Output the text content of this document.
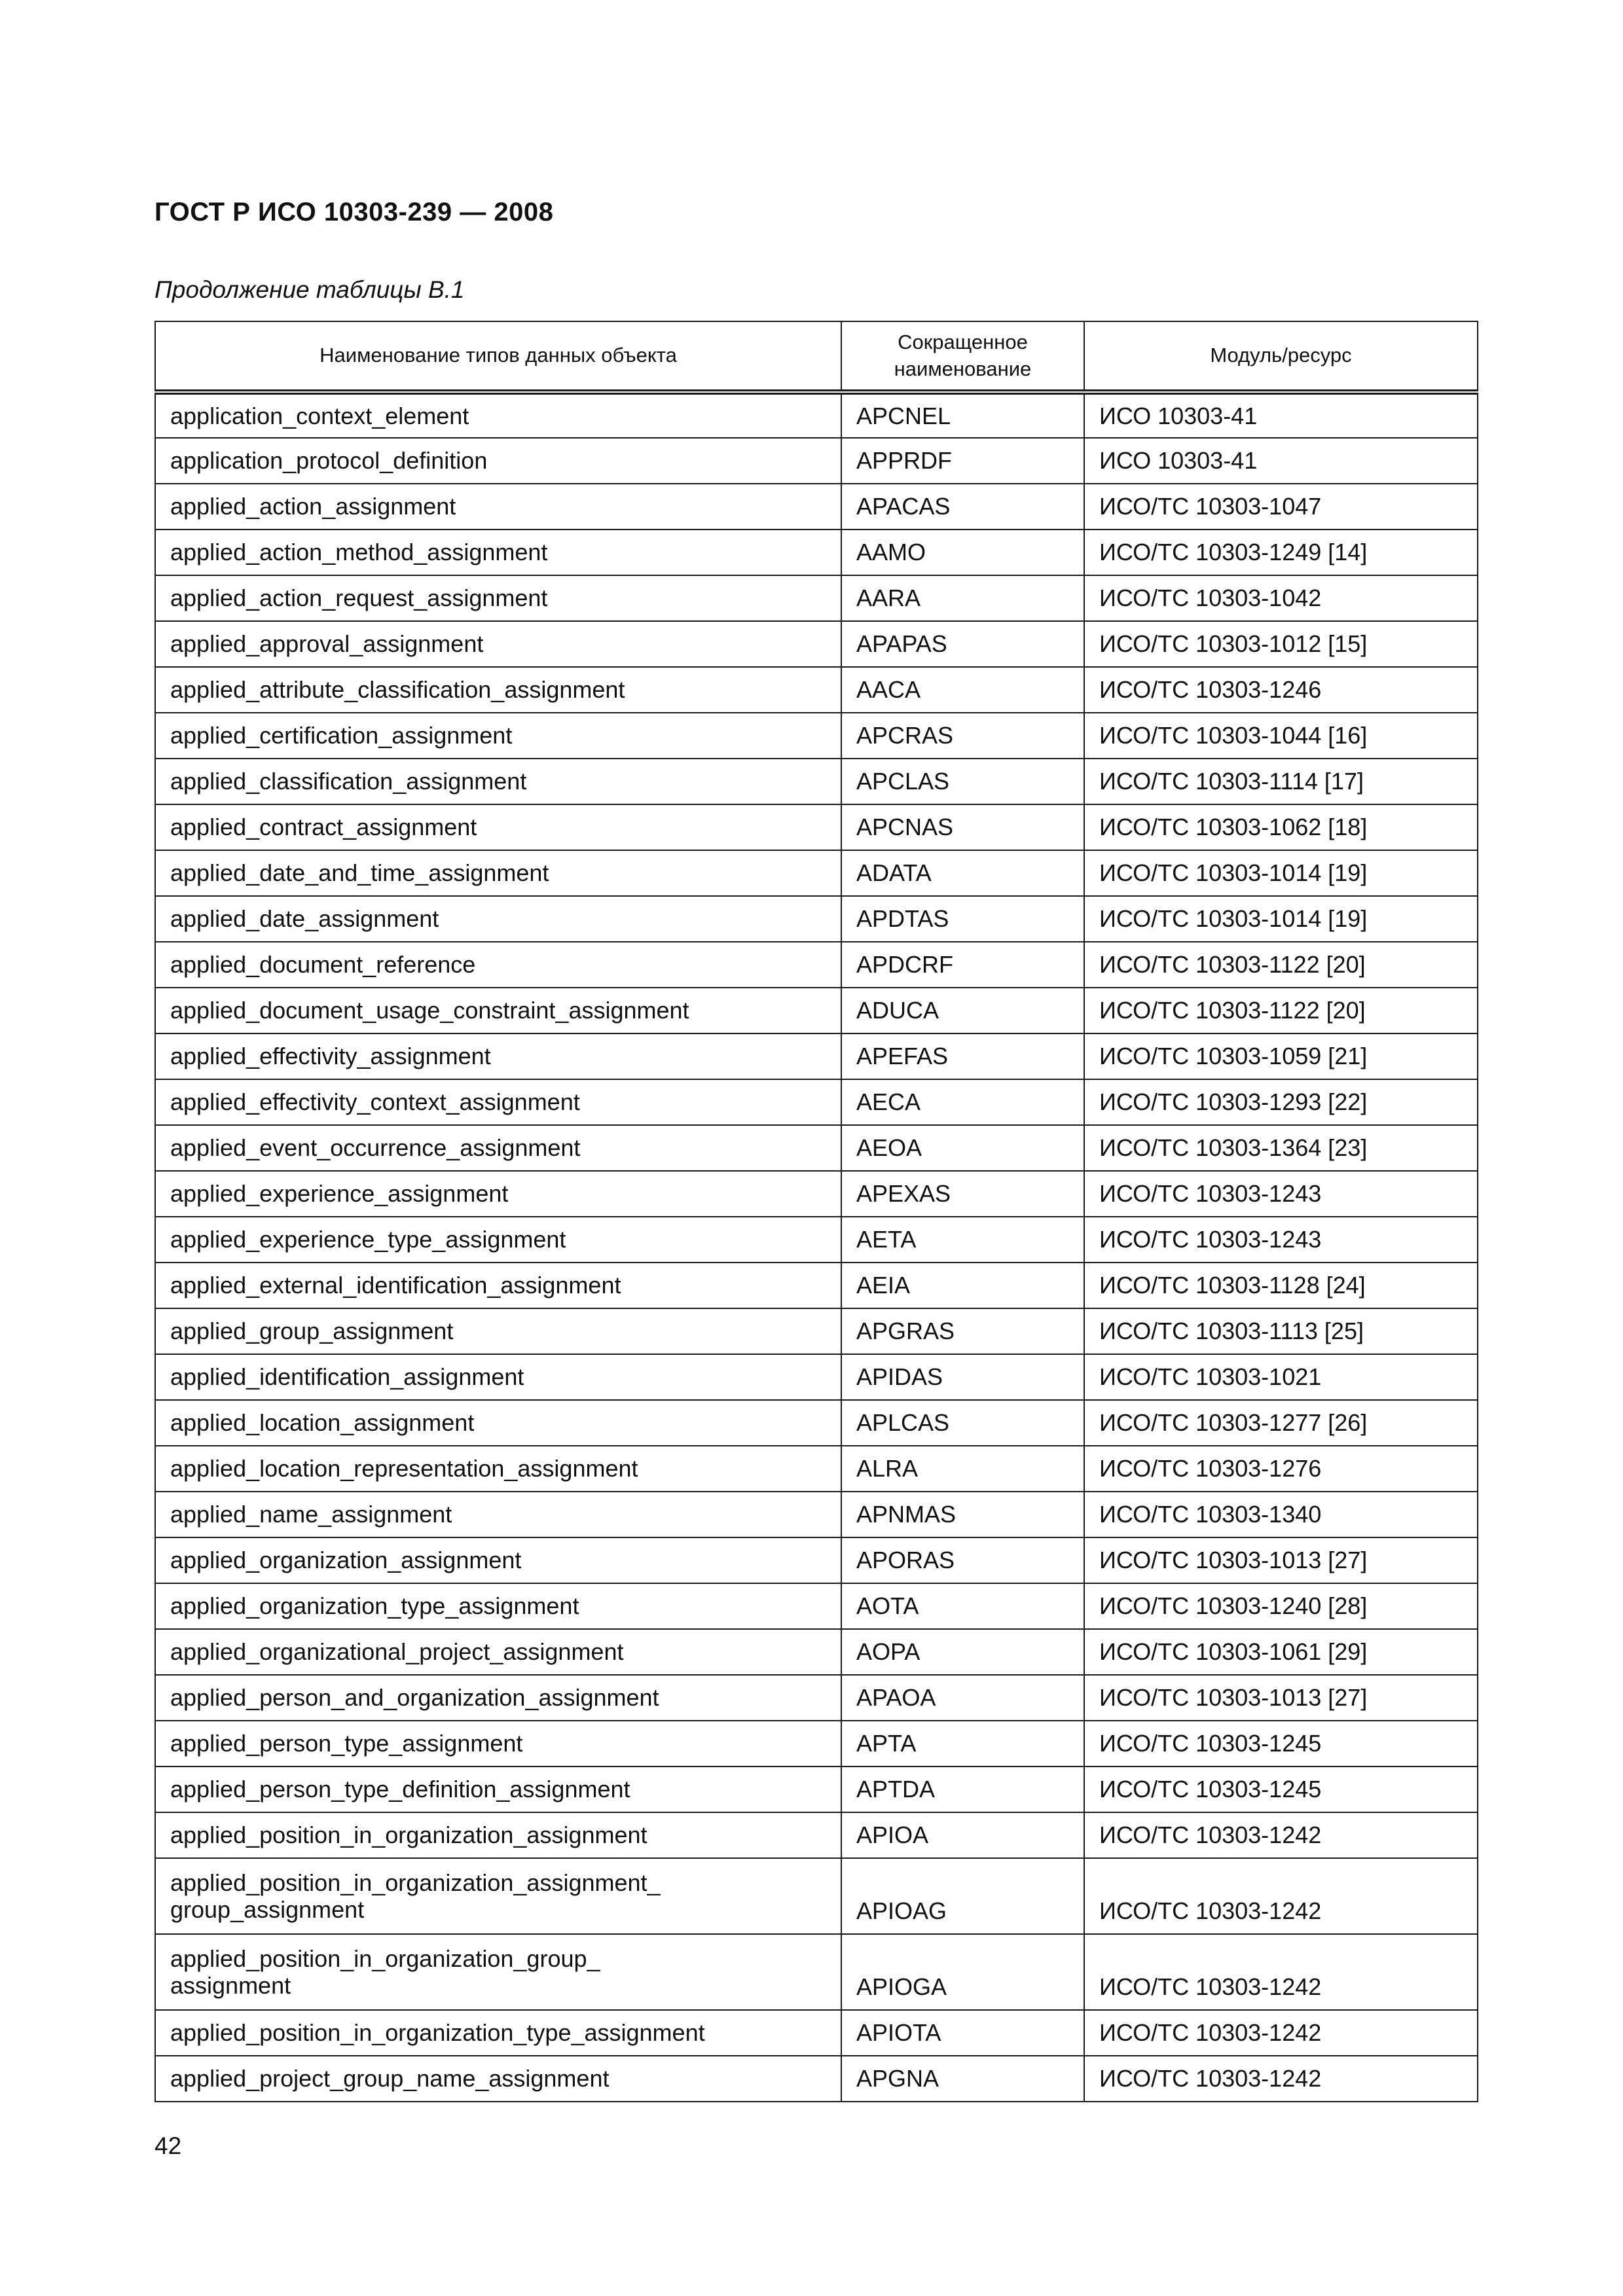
ГОСТ Р ИСО 10303-239 — 2008
Продолжение таблицы В.1
Наименование типов данных объекта	Сокращенное наименование	Модуль/ресурс
application_context_element	APCNEL	ИСО 10303-41
application_protocol_definition	APPRDF	ИСО 10303-41
applied_action_assignment	APACAS	ИСО/ТС 10303-1047
applied_action_method_assignment	AAMO	ИСО/ТС 10303-1249 [14]
applied_action_request_assignment	AARA	ИСО/ТС 10303-1042
applied_approval_assignment	APAPAS	ИСО/ТС 10303-1012 [15]
applied_attribute_classification_assignment	AACA	ИСО/ТС 10303-1246
applied_certification_assignment	APCRAS	ИСО/ТС 10303-1044 [16]
applied_classification_assignment	APCLAS	ИСО/ТС 10303-1114 [17]
applied_contract_assignment	APCNAS	ИСО/ТС 10303-1062 [18]
applied_date_and_time_assignment	ADATA	ИСО/ТС 10303-1014 [19]
applied_date_assignment	APDTAS	ИСО/ТС 10303-1014 [19]
applied_document_reference	APDCRF	ИСО/ТС 10303-1122 [20]
applied_document_usage_constraint_assignment	ADUCA	ИСО/ТС 10303-1122 [20]
applied_effectivity_assignment	APEFAS	ИСО/ТС 10303-1059 [21]
applied_effectivity_context_assignment	AECA	ИСО/ТС 10303-1293 [22]
applied_event_occurrence_assignment	AEOA	ИСО/ТС 10303-1364 [23]
applied_experience_assignment	APEXAS	ИСО/ТС 10303-1243
applied_experience_type_assignment	AETA	ИСО/ТС 10303-1243
applied_external_identification_assignment	AEIA	ИСО/ТС 10303-1128 [24]
applied_group_assignment	APGRAS	ИСО/ТС 10303-1113 [25]
applied_identification_assignment	APIDAS	ИСО/ТС 10303-1021
applied_location_assignment	APLCAS	ИСО/ТС 10303-1277 [26]
applied_location_representation_assignment	ALRA	ИСО/ТС 10303-1276
applied_name_assignment	APNMAS	ИСО/ТС 10303-1340
applied_organization_assignment	APORAS	ИСО/ТС 10303-1013 [27]
applied_organization_type_assignment	AOTA	ИСО/ТС 10303-1240 [28]
applied_organizational_project_assignment	AOPA	ИСО/ТС 10303-1061 [29]
applied_person_and_organization_assignment	APAOA	ИСО/ТС 10303-1013 [27]
applied_person_type_assignment	APTA	ИСО/ТС 10303-1245
applied_person_type_definition_assignment	APTDA	ИСО/ТС 10303-1245
applied_position_in_organization_assignment	APIOA	ИСО/ТС 10303-1242
applied_position_in_organization_assignment_
group_assignment	APIOAG	ИСО/ТС 10303-1242
applied_position_in_organization_group_
assignment	APIOGA	ИСО/ТС 10303-1242
applied_position_in_organization_type_assignment	APIOTA	ИСО/ТС 10303-1242
applied_project_group_name_assignment	APGNA	ИСО/ТС 10303-1242
42
